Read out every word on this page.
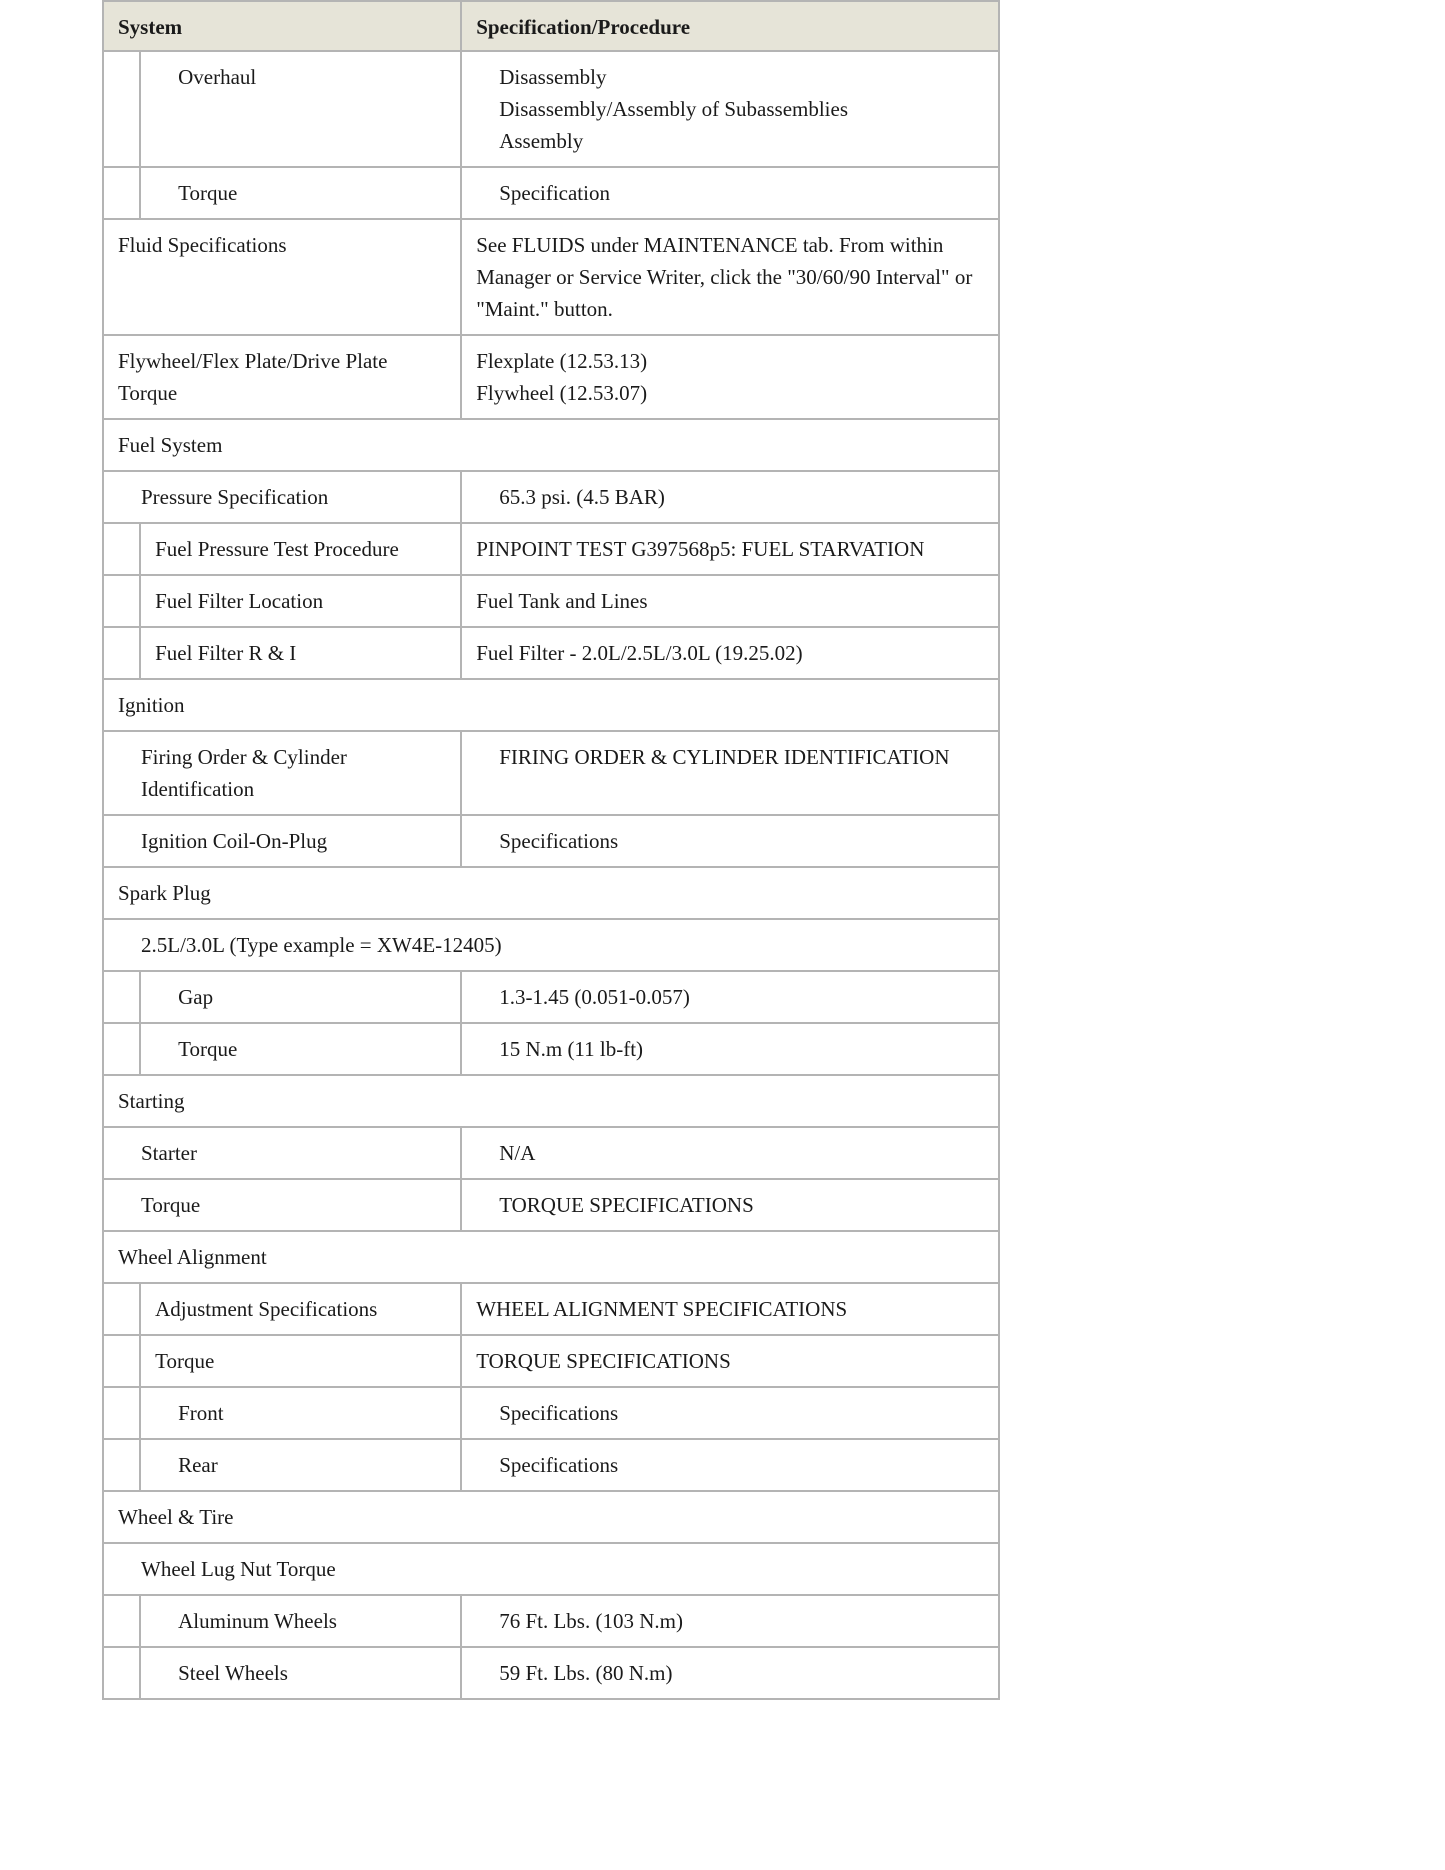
System		Specification/Procedure
	Overhaul	Disassembly
Disassembly/Assembly of Subassemblies
Assembly

	Torque	Specification

Fluid Specifications		See FLUIDS under MAINTENANCE tab. From within Manager or Service Writer, click the "30/60/90 Interval" or "Maint." button.

Flywheel/Flex Plate/Drive Plate
Torque		Flexplate (12.53.13)
Flywheel (12.53.07)

Fuel System		
Pressure Specification		65.3 psi. (4.5 BAR)
	Fuel Pressure Test Procedure	PINPOINT TEST G397568p5: FUEL STARVATION
	Fuel Filter Location	Fuel Tank and Lines
	Fuel Filter R & I	Fuel Filter - 2.0L/2.5L/3.0L (19.25.02)
Ignition		

Firing Order & Cylinder
Identification		FIRING ORDER & CYLINDER IDENTIFICATION
Ignition Coil-On-Plug		Specifications
Spark Plug		
2.5L/3.0L (Type example = XW4E-12405)		
	Gap	1.3-1.45 (0.051-0.057)

	Torque	15 N.m (11 lb-ft)

Starting		
Starter		N/A
Torque		TORQUE SPECIFICATIONS
Wheel Alignment		
	Adjustment Specifications	WHEEL ALIGNMENT SPECIFICATIONS
	Torque	TORQUE SPECIFICATIONS
	Front	Specifications

	Rear	Specifications

Wheel & Tire		
Wheel Lug Nut Torque		
	Aluminum Wheels	76 Ft. Lbs. (103 N.m)

	Steel Wheels	59 Ft. Lbs. (80 N.m)
